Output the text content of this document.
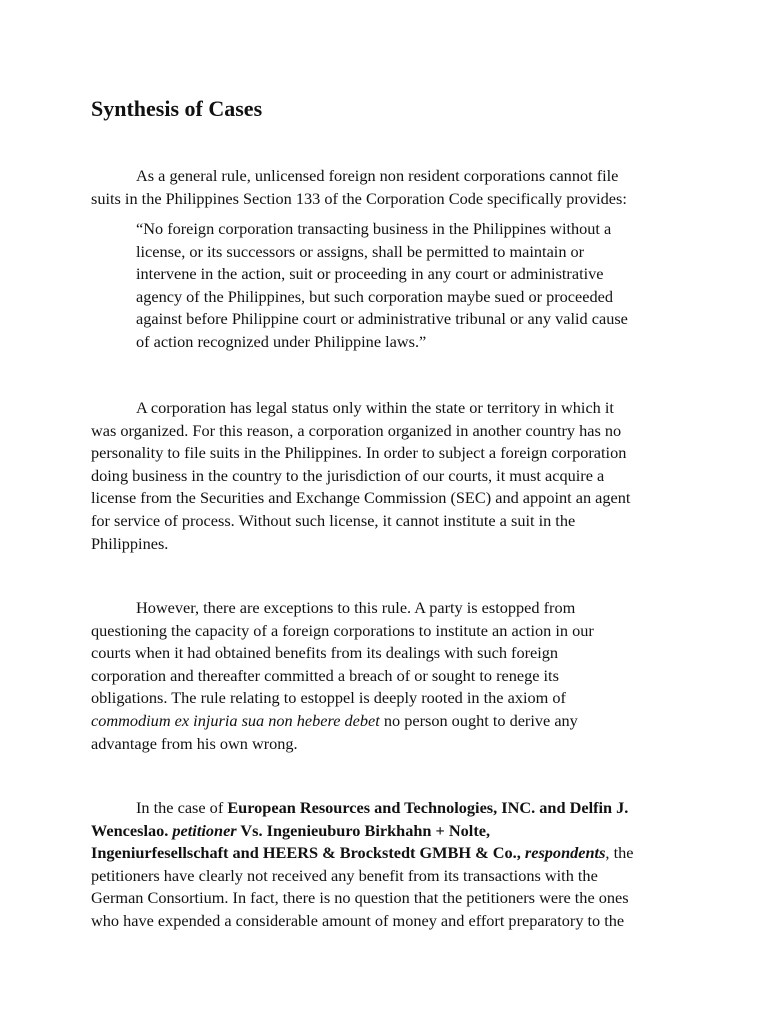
Synthesis of Cases
As a general rule, unlicensed foreign non resident corporations cannot file
suits in the Philippines Section 133 of the Corporation Code specifically provides:
“No foreign corporation transacting business in the Philippines without a
license, or its successors or assigns, shall be permitted to maintain or
intervene in the action, suit or proceeding in any court or administrative
agency of the Philippines, but such corporation maybe sued or proceeded
against before Philippine court or administrative tribunal or any valid cause
of action recognized under Philippine laws.”
A corporation has legal status only within the state or territory in which it
was organized. For this reason, a corporation organized in another country has no
personality to file suits in the Philippines. In order to subject a foreign corporation
doing business in the country to the jurisdiction of our courts, it must acquire a
license from the Securities and Exchange Commission (SEC) and appoint an agent
for service of process. Without such license, it cannot institute a suit in the
Philippines.
However, there are exceptions to this rule. A party is estopped from
questioning the capacity of a foreign corporations to institute an action in our
courts when it had obtained benefits from its dealings with such foreign
corporation and thereafter committed a breach of or sought to renege its
obligations. The rule relating to estoppel is deeply rooted in the axiom of
commodium ex injuria sua non hebere debet no person ought to derive any
advantage from his own wrong.
In the case of European Resources and Technologies, INC. and Delfin J.
Wenceslao. petitioner Vs. Ingenieuburo Birkhahn + Nolte,
Ingeniurfesellschaft and HEERS & Brockstedt GMBH & Co., respondents, the
petitioners have clearly not received any benefit from its transactions with the
German Consortium. In fact, there is no question that the petitioners were the ones
who have expended a considerable amount of money and effort preparatory to the
